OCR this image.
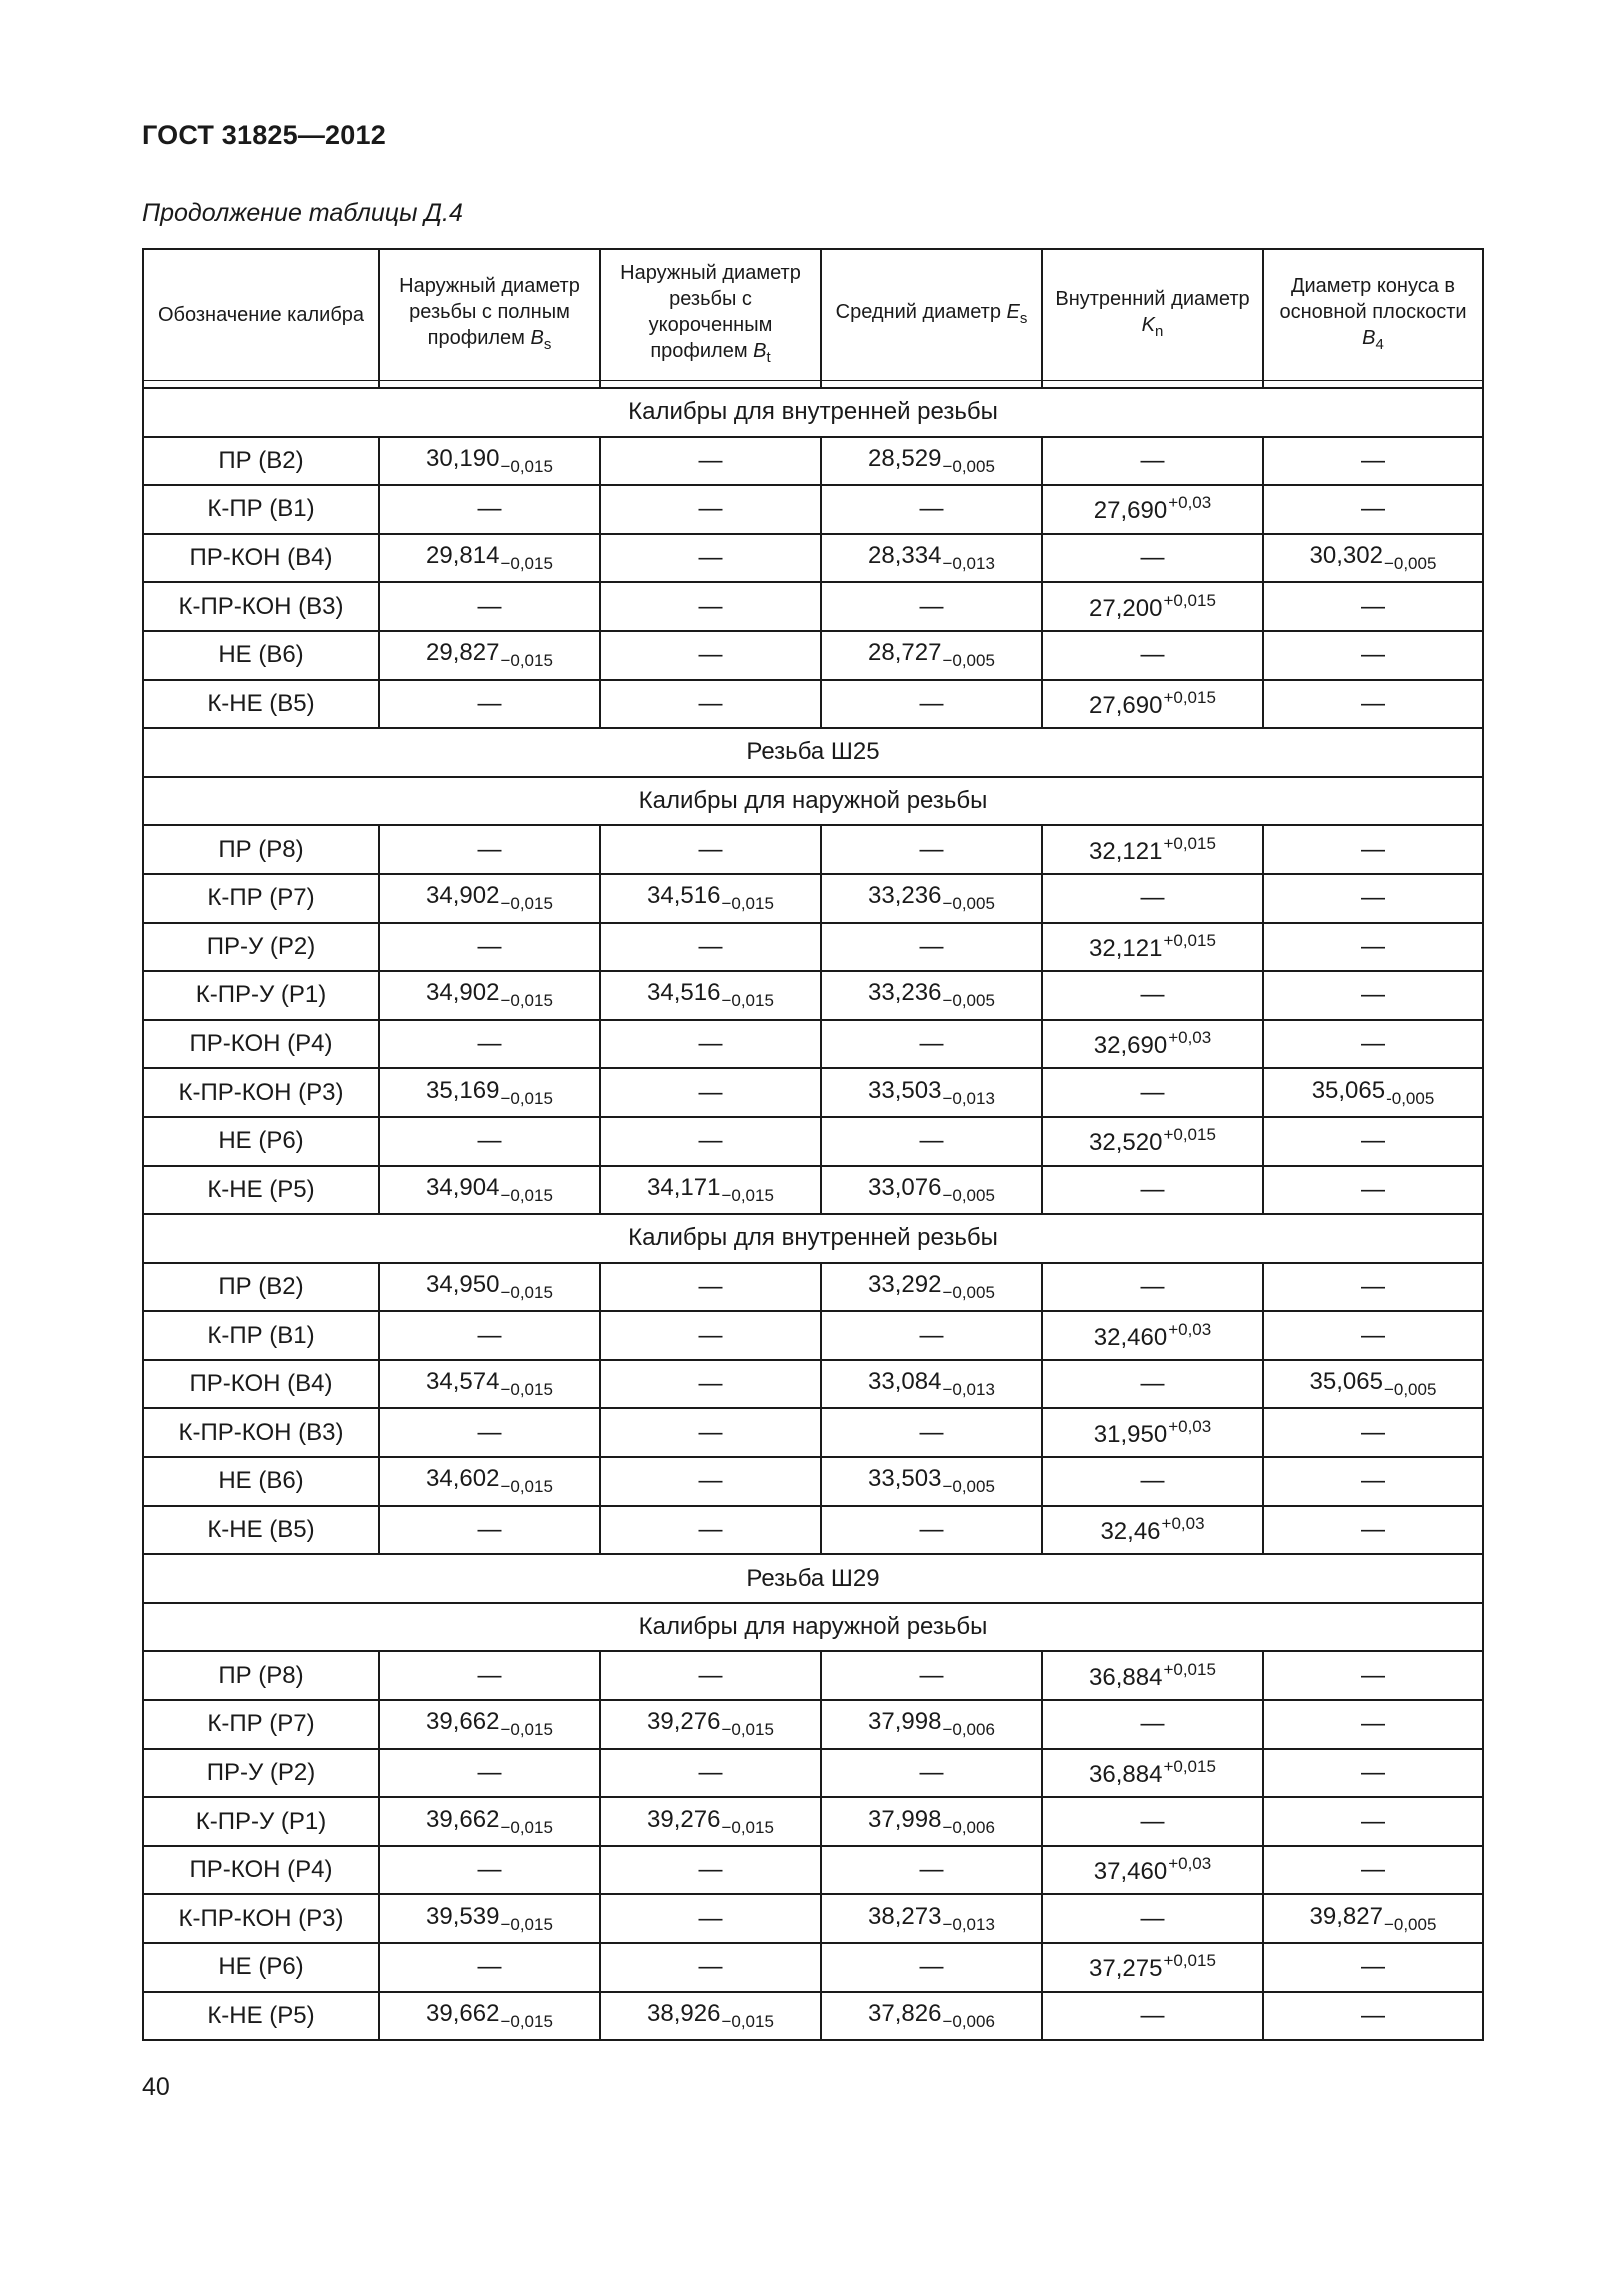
ГОСТ 31825—2012
Продолжение таблицы Д.4
Обозначение калибра	Наружный диаметр резьбы с полным профилем $B_s$	Наружный диаметр резьбы с укороченным профилем $B_t$	Средний диаметр $E_s$	Внутренний диаметр $K_n$	Диаметр конуса в основной плоскости $B_4$

Калибры для внутренней резьбы					
ПР (В2)	$30,190_{-0,015}$	—	$28,529_{-0,005}$	—	—
К-ПР (В1)	—	—	—	$27,690^{+0,03}$	—
ПР-КОН (В4)	$29,814_{-0,015}$	—	$28,334_{-0,013}$	—	$30,302_{-0,005}$
К-ПР-КОН (В3)	—	—	—	$27,200^{+0,015}$	—
НЕ (В6)	$29,827_{-0,015}$	—	$28,727_{-0,005}$	—	—
К-НЕ (В5)	—	—	—	$27,690^{+0,015}$	—
Резьба Ш25					
Калибры для наружной резьбы					
ПР (Р8)	—	—	—	$32,121^{+0,015}$	—
К-ПР (Р7)	$34,902_{-0,015}$	$34,516_{-0,015}$	$33,236_{-0,005}$	—	—
ПР-У (Р2)	—	—	—	$32,121^{+0,015}$	—
К-ПР-У (Р1)	$34,902_{-0,015}$	$34,516_{-0,015}$	$33,236_{-0,005}$	—	—
ПР-КОН (Р4)	—	—	—	$32,690^{+0,03}$	—
К-ПР-КОН (Р3)	$35,169_{-0,015}$	—	$33,503_{-0,013}$	—	$35,065_{-0,005}$
НЕ (Р6)	—	—	—	$32,520^{+0,015}$	—
К-НЕ (Р5)	$34,904_{-0,015}$	$34,171_{-0,015}$	$33,076_{-0,005}$	—	—
Калибры для внутренней резьбы					
ПР (В2)	$34,950_{-0,015}$	—	$33,292_{-0,005}$	—	—
К-ПР (В1)	—	—	—	$32,460^{+0,03}$	—
ПР-КОН (В4)	$34,574_{-0,015}$	—	$33,084_{-0,013}$	—	$35,065_{-0,005}$
К-ПР-КОН (В3)	—	—	—	$31,950^{+0,03}$	—
НЕ (В6)	$34,602_{-0,015}$	—	$33,503_{-0,005}$	—	—
К-НЕ (В5)	—	—	—	$32,46^{+0,03}$	—
Резьба Ш29					
Калибры для наружной резьбы					
ПР (Р8)	—	—	—	$36,884^{+0,015}$	—
К-ПР (Р7)	$39,662_{-0,015}$	$39,276_{-0,015}$	$37,998_{-0,006}$	—	—
ПР-У (Р2)	—	—	—	$36,884^{+0,015}$	—
К-ПР-У (Р1)	$39,662_{-0,015}$	$39,276_{-0,015}$	$37,998_{-0,006}$	—	—
ПР-КОН (Р4)	—	—	—	$37,460^{+0,03}$	—
К-ПР-КОН (Р3)	$39,539_{-0,015}$	—	$38,273_{-0,013}$	—	$39,827_{-0,005}$
НЕ (Р6)	—	—	—	$37,275^{+0,015}$	—
К-НЕ (Р5)	$39,662_{-0,015}$	$38,926_{-0,015}$	$37,826_{-0,006}$	—	—
40
